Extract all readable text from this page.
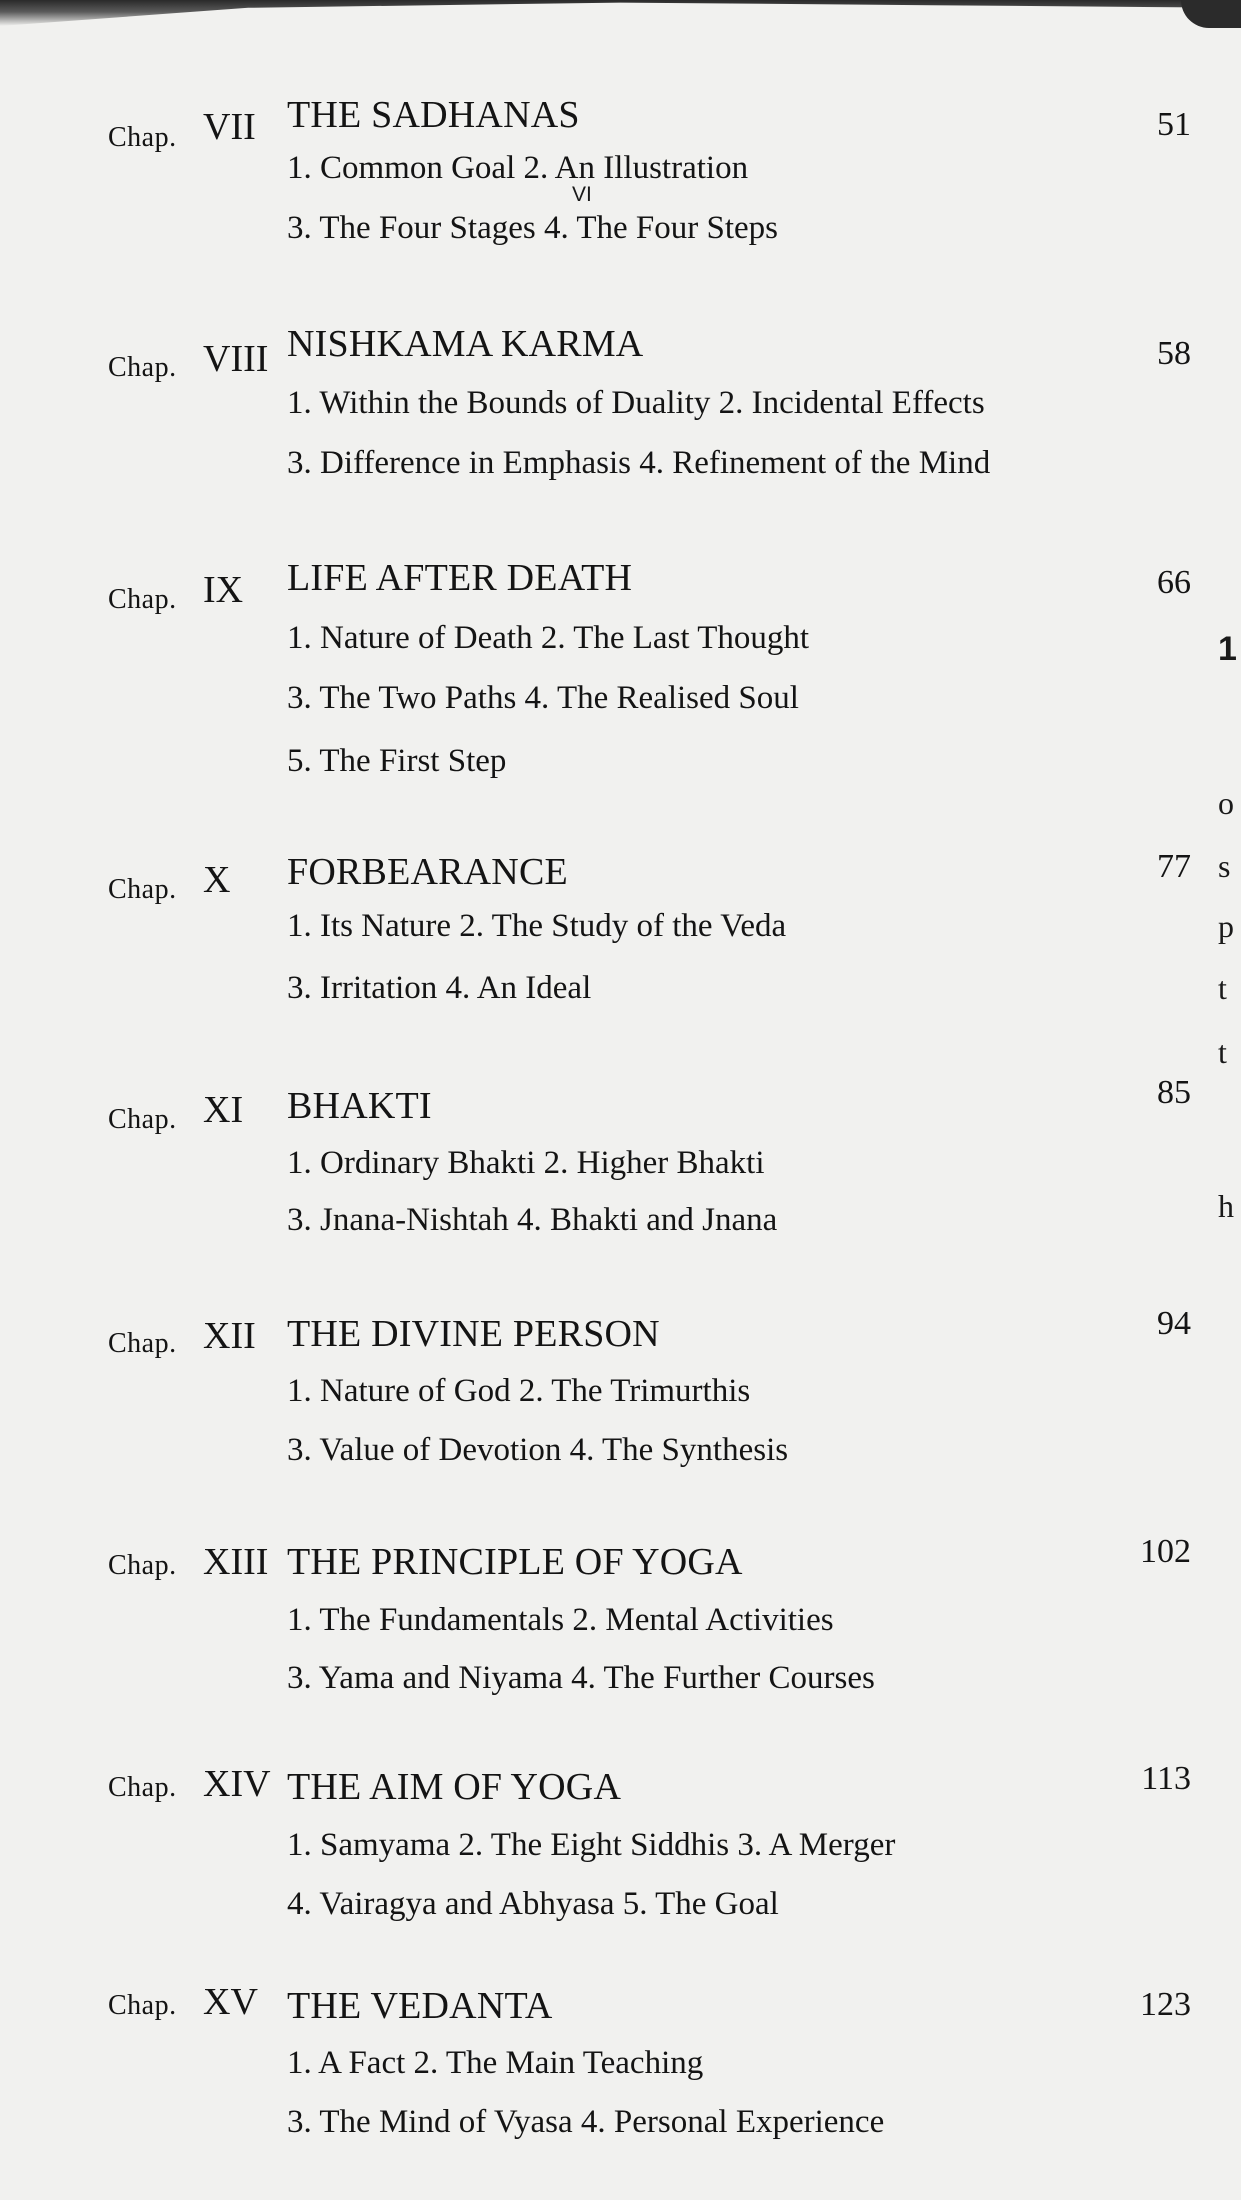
Chap. VII THE SADHANAS	51
1. Common Goal 2. An Illustration
3. The Four Stages 4. The Four Steps
VI
Chap. VIII NISHKAMA KARMA	58
1. Within the Bounds of Duality 2. Incidental Effects
3. Difference in Emphasis 4. Refinement of the Mind
Chap. IX LIFE AFTER DEATH	66
1. Nature of Death 2. The Last Thought
3. The Two Paths 4. The Realised Soul
5. The First Step
Chap. X FORBEARANCE	77
1. Its Nature 2. The Study of the Veda
3. Irritation 4. An Ideal
Chap. XI BHAKTI	85
1. Ordinary Bhakti 2. Higher Bhakti
3. Jnana-Nishtah 4. Bhakti and Jnana
Chap. XII THE DIVINE PERSON	94
1. Nature of God 2. The Trimurthis
3. Value of Devotion 4. The Synthesis
Chap. XIII THE PRINCIPLE OF YOGA	102
1. The Fundamentals 2. Mental Activities
3. Yama and Niyama 4. The Further Courses
Chap. XIV THE AIM OF YOGA	113
1. Samyama 2. The Eight Siddhis 3. A Merger
4. Vairagya and Abhyasa 5. The Goal
Chap. XV THE VEDANTA	123
1. A Fact 2. The Main Teaching
3. The Mind of Vyasa 4. Personal Experience
1
o
s
p
t
t
h
